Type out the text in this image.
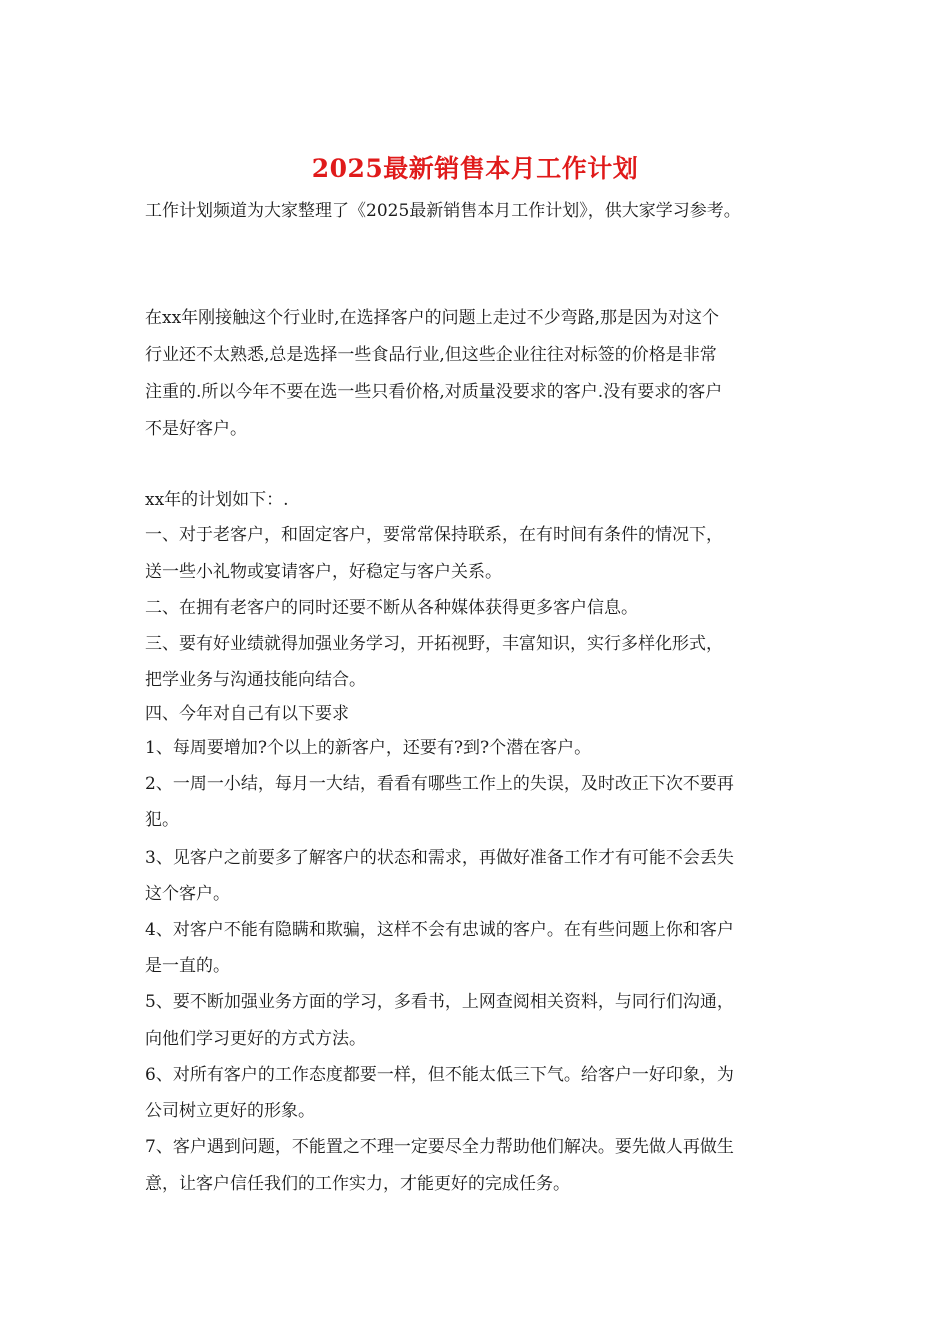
2025最新销售本月工作计划
工作计划频道为大家整理了《2025最新销售本月工作计划》，供大家学习参考。
在xx年刚接触这个行业时,在选择客户的问题上走过不少弯路,那是因为对这个
行业还不太熟悉,总是选择一些食品行业,但这些企业往往对标签的价格是非常
注重的.所以今年不要在选一些只看价格,对质量没要求的客户.没有要求的客户
不是好客户。
xx年的计划如下：.
一、对于老客户，和固定客户，要常常保持联系，在有时间有条件的情况下，
送一些小礼物或宴请客户，好稳定与客户关系。
二、在拥有老客户的同时还要不断从各种媒体获得更多客户信息。
三、要有好业绩就得加强业务学习，开拓视野，丰富知识，实行多样化形式，
把学业务与沟通技能向结合。
四、今年对自己有以下要求
1、每周要增加?个以上的新客户，还要有?到?个潜在客户。
2、一周一小结，每月一大结，看看有哪些工作上的失误，及时改正下次不要再
犯。
3、见客户之前要多了解客户的状态和需求，再做好准备工作才有可能不会丢失
这个客户。
4、对客户不能有隐瞒和欺骗，这样不会有忠诚的客户。在有些问题上你和客户
是一直的。
5、要不断加强业务方面的学习，多看书，上网查阅相关资料，与同行们沟通，
向他们学习更好的方式方法。
6、对所有客户的工作态度都要一样，但不能太低三下气。给客户一好印象，为
公司树立更好的形象。
7、客户遇到问题，不能置之不理一定要尽全力帮助他们解决。要先做人再做生
意，让客户信任我们的工作实力，才能更好的完成任务。
